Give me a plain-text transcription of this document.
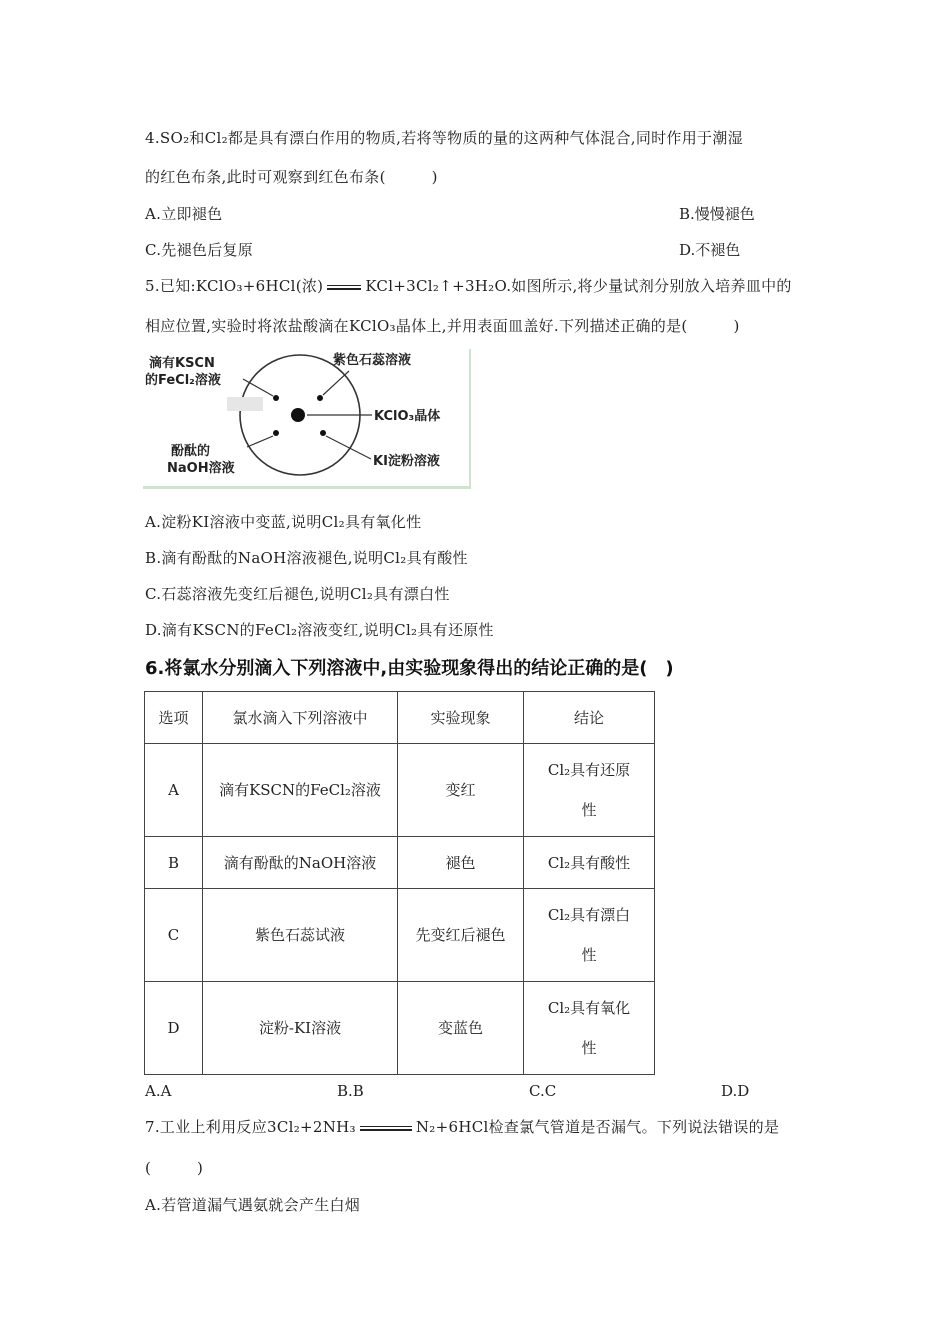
4.SO₂和Cl₂都是具有漂白作用的物质,若将等物质的量的这两种气体混合,同时作用于潮湿
的红色布条,此时可观察到红色布条(　　　)
A.立即褪色	B.慢慢褪色
C.先褪色后复原	D.不褪色
5.已知:KClO₃+6HCl(浓)	KCl+3Cl₂↑+3H₂O.如图所示,将少量试剂分别放入培养皿中的
相应位置,实验时将浓盐酸滴在KClO₃晶体上,并用表面皿盖好.下列描述正确的是(　　　)
滴有KSCN
的FeCl₂溶液
紫色石蕊溶液
KClO₃晶体
KI淀粉溶液
酚酞的
NaOH溶液
A.淀粉KI溶液中变蓝,说明Cl₂具有氧化性
B.滴有酚酞的NaOH溶液褪色,说明Cl₂具有酸性
C.石蕊溶液先变红后褪色,说明Cl₂具有漂白性
D.滴有KSCN的FeCl₂溶液变红,说明Cl₂具有还原性
6.将氯水分别滴入下列溶液中,由实验现象得出的结论正确的是(　)
选项	氯水滴入下列溶液中	实验现象	结论
A	滴有KSCN的FeCl₂溶液	变红	Cl₂具有还原
性

B	滴有酚酞的NaOH溶液	褪色	Cl₂具有酸性
C	紫色石蕊试液	先变红后褪色	Cl₂具有漂白
性

D	淀粉-KI溶液	变蓝色	Cl₂具有氧化
性
A.A	B.B	C.C	D.D
7.工业上利用反应3Cl₂+2NH₃	N₂+6HCl检查氯气管道是否漏气。下列说法错误的是
(　　　)
A.若管道漏气遇氨就会产生白烟
